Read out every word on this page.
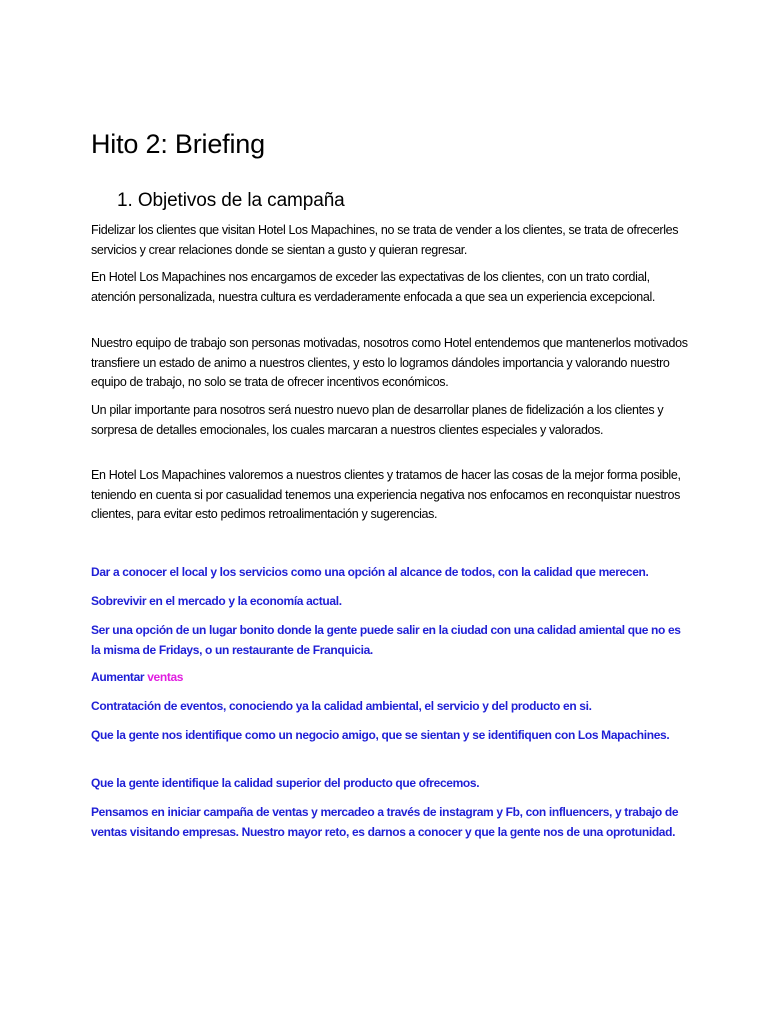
Hito 2: Briefing
1. Objetivos de la campaña

Fidelizar los clientes que visitan Hotel Los Mapachines, no se trata de vender a los clientes, se trata de ofrecerles servicios y crear relaciones donde se sientan a gusto y quieran regresar.

En Hotel Los Mapachines nos encargamos de exceder las expectativas de los clientes, con un trato cordial, atención personalizada, nuestra cultura es verdaderamente enfocada a que sea un experiencia excepcional.

Nuestro equipo de trabajo son personas motivadas, nosotros como Hotel entendemos que mantenerlos motivados transfiere un estado de animo a nuestros clientes, y esto lo logramos dándoles importancia y valorando nuestro equipo de trabajo, no solo se trata de ofrecer incentivos económicos.

Un pilar importante para nosotros será nuestro nuevo plan de desarrollar planes de fidelización a los clientes y sorpresa de detalles emocionales, los cuales marcaran a nuestros clientes especiales y valorados.

En Hotel Los Mapachines valoremos a nuestros clientes y tratamos de hacer las cosas de la mejor forma posible, teniendo en cuenta si por casualidad tenemos una experiencia negativa nos enfocamos en reconquistar nuestros clientes, para evitar esto pedimos retroalimentación y sugerencias.

Dar a conocer el local y los servicios como una opción al alcance de todos, con la calidad que merecen.

Sobrevivir en el mercado y la economía actual.

Ser una opción de un lugar bonito donde la gente puede salir en la ciudad con una calidad amiental que no es la misma de Fridays, o un restaurante de Franquicia.

Aumentar ventas

Contratación de eventos, conociendo ya la calidad ambiental, el servicio y del producto en si.

Que la gente nos identifique como un negocio amigo, que se sientan y se identifiquen con Los Mapachines.

Que la gente identifique la calidad superior del producto que ofrecemos.

Pensamos en iniciar campaña de ventas y mercadeo a través de instagram y Fb, con influencers, y trabajo de ventas visitando empresas. Nuestro mayor reto, es darnos a conocer y que la gente nos de una oprotunidad.
